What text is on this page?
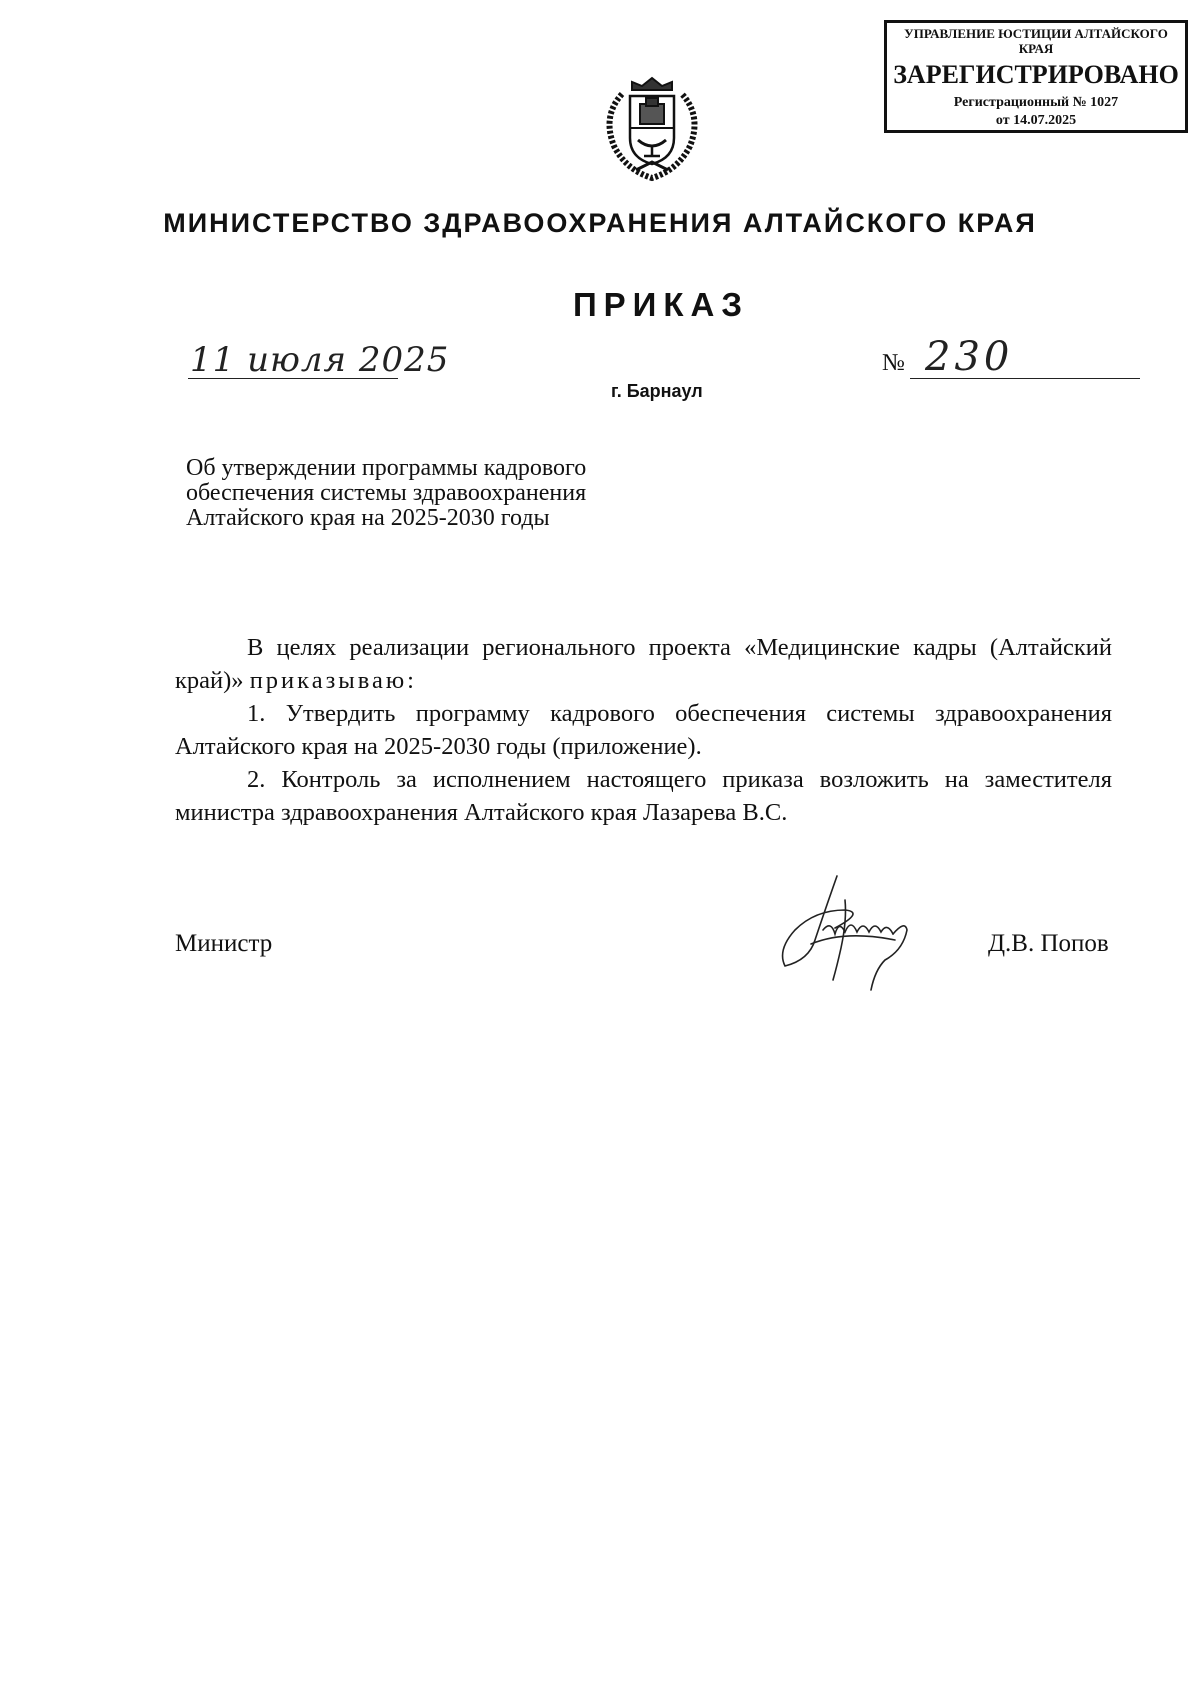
УПРАВЛЕНИЕ ЮСТИЦИИ АЛТАЙСКОГО КРАЯ
ЗАРЕГИСТРИРОВАНО
Регистрационный № 1027
от 14.07.2025
МИНИСТЕРСТВО ЗДРАВООХРАНЕНИЯ АЛТАЙСКОГО КРАЯ
ПРИКАЗ
11 июля 2025	№ 230
г. Барнаул
Об утверждении программы кадрового обеспечения системы здравоохранения Алтайского края на 2025-2030 годы

В целях реализации регионального проекта «Медицинские кадры (Алтайский край)» приказываю:

1. Утвердить программу кадрового обеспечения системы здравоохранения Алтайского края на 2025-2030 годы (приложение).

2. Контроль за исполнением настоящего приказа возложить на заместителя министра здравоохранения Алтайского края Лазарева В.С.

Министр	Д.В. Попов
